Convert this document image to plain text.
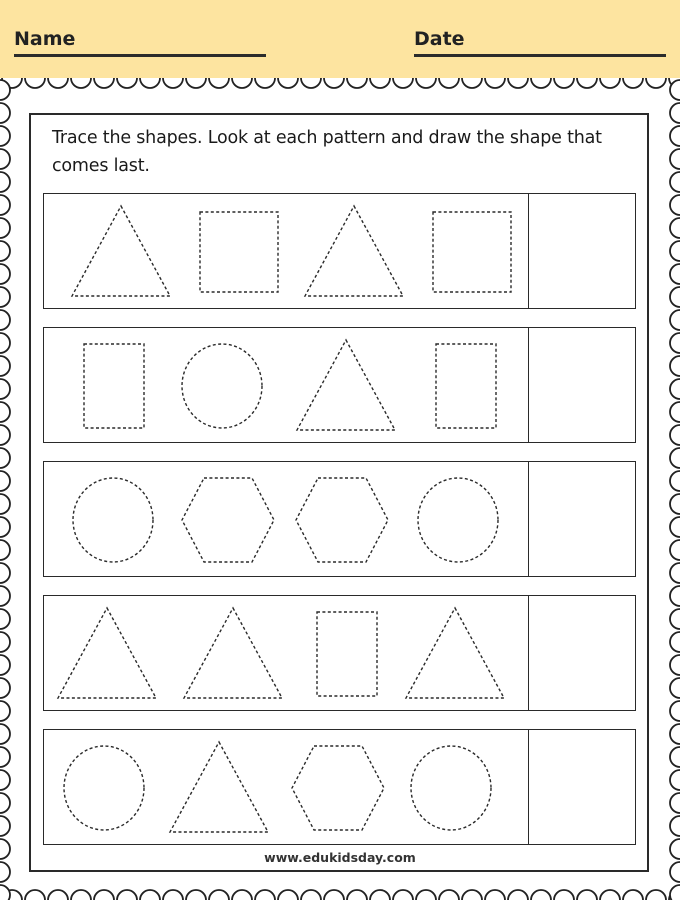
Name	Date
Trace the shapes. Look at each pattern and draw the shape that comes last.
www.edukidsday.com
